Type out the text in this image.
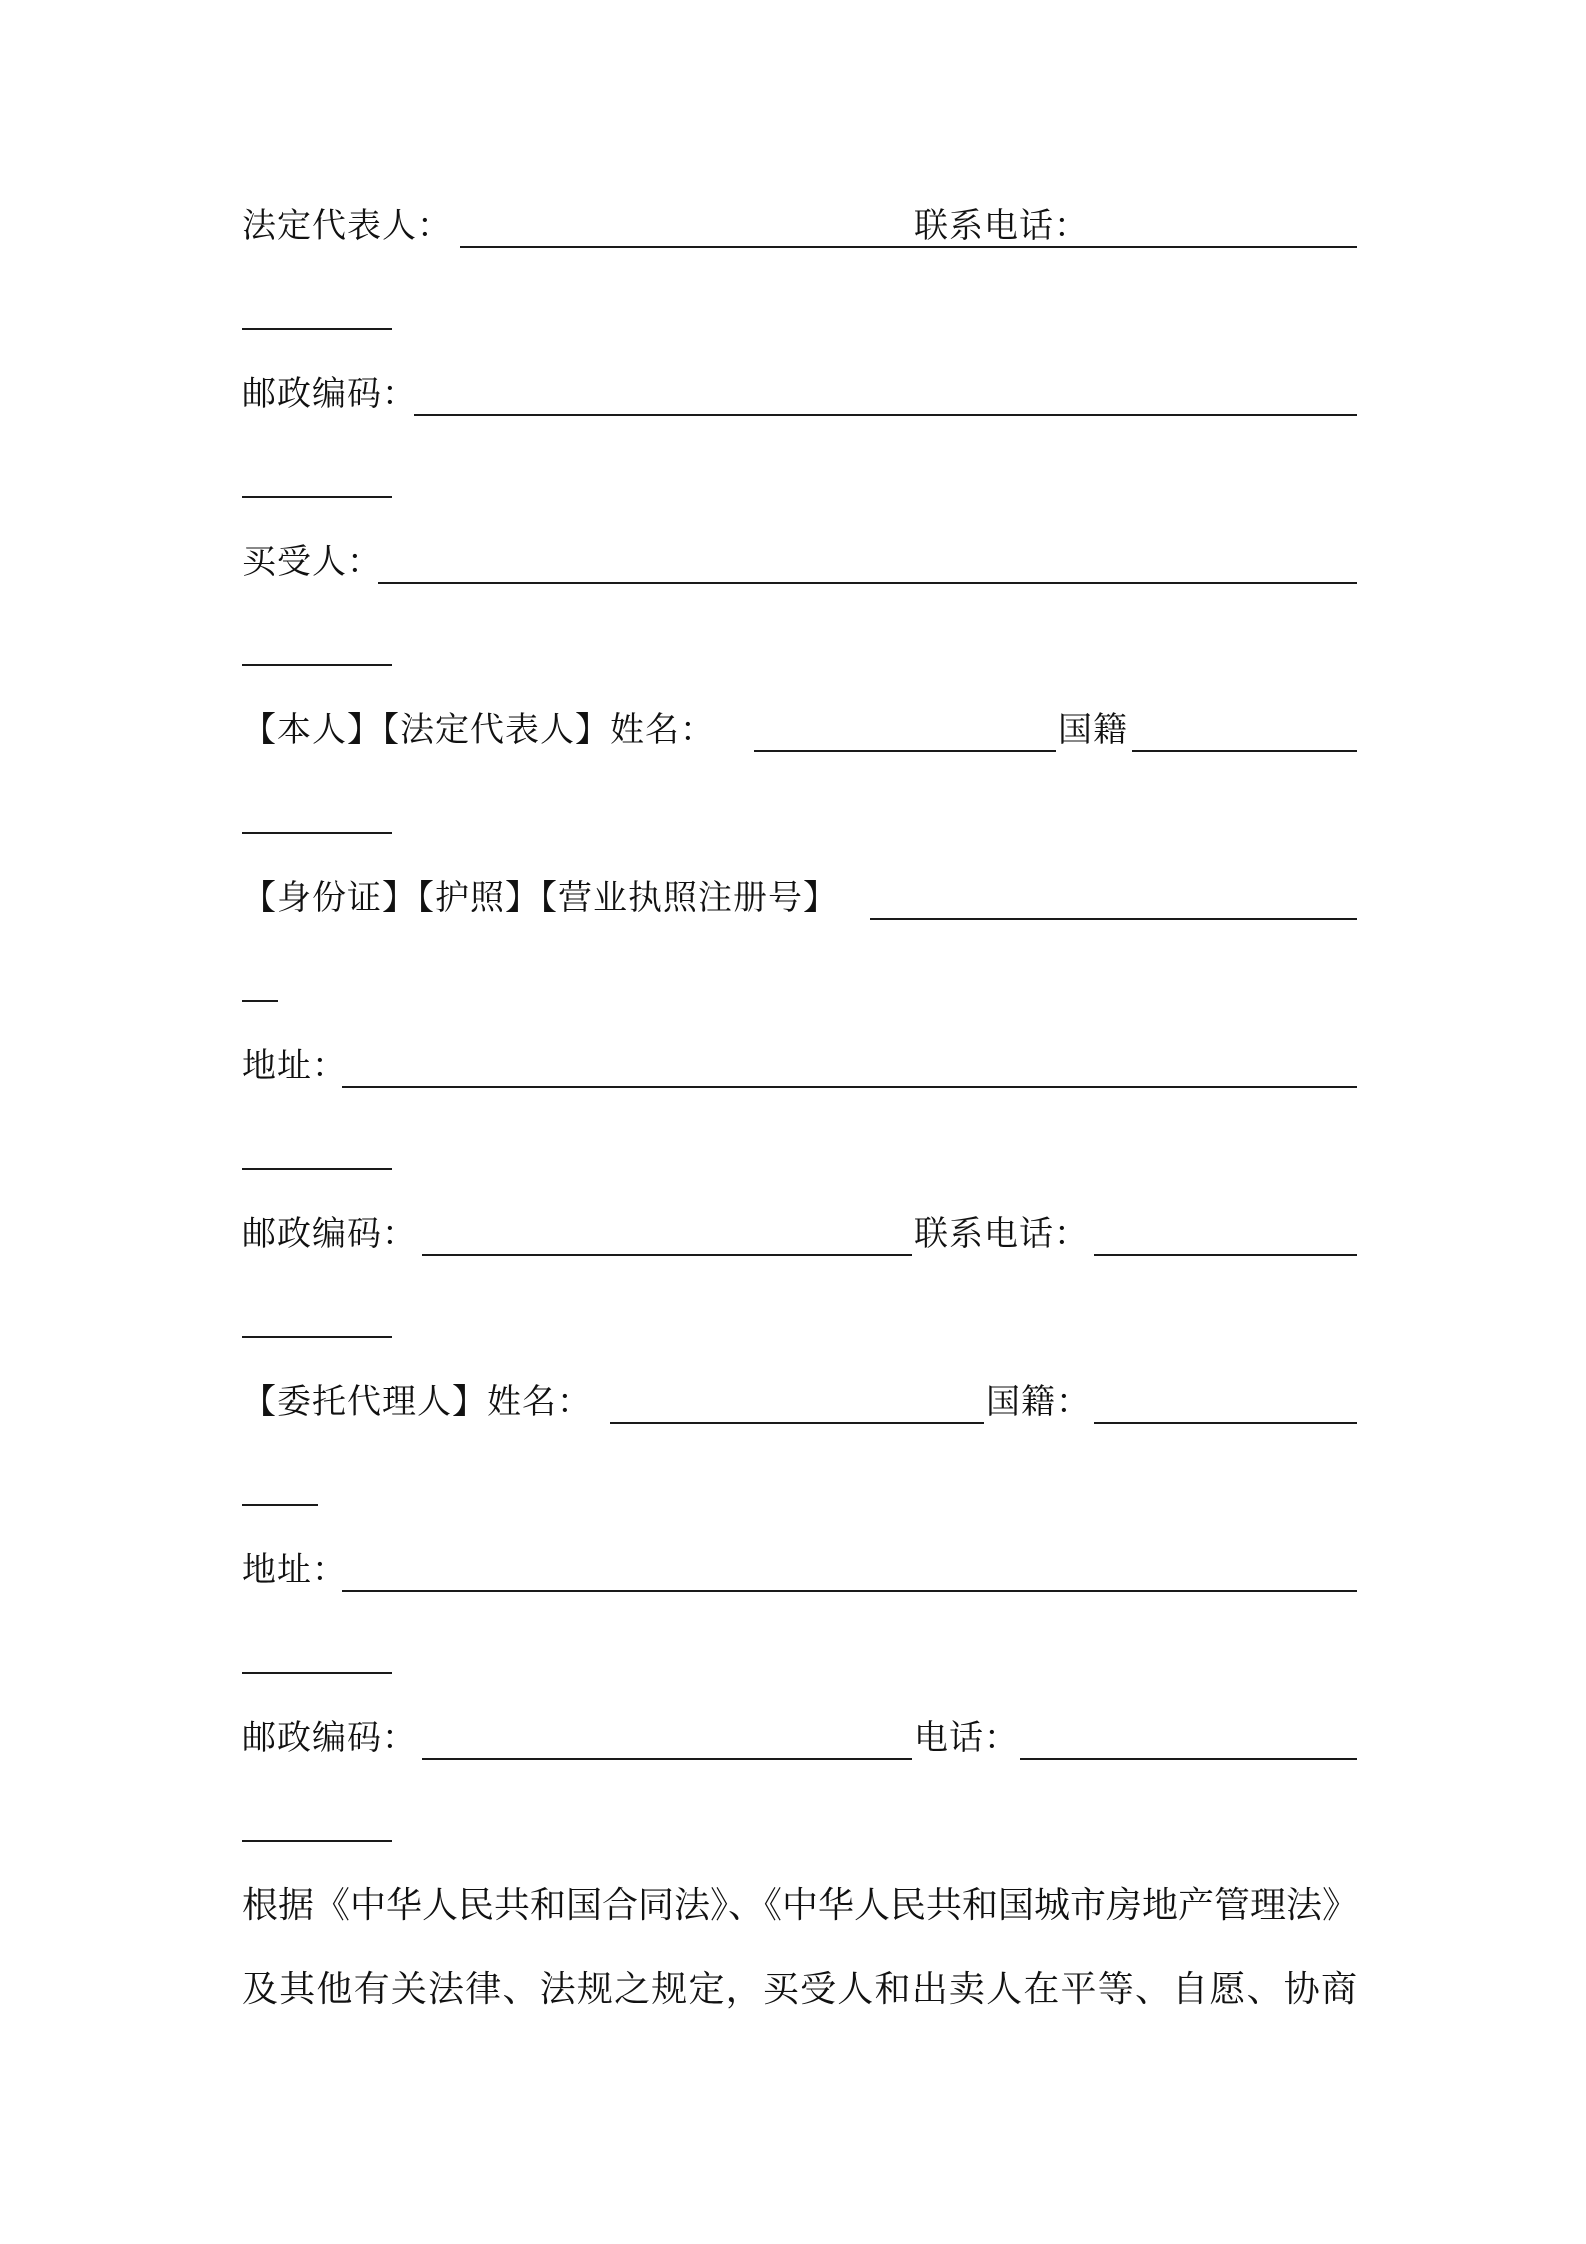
法定代表人：	联系电话：
邮政编码：
买受人：
【本人】【法定代表人】姓名：	国籍
【身份证】【护照】【营业执照注册号】
地址：
邮政编码：	联系电话：
【委托代理人】姓名：	国籍：
地址：
邮政编码：	电话：
根据《中华人民共和国合同法》、《中华人民共和国城市房地产管理法》
及其他有关法律、法规之规定，买受人和出卖人在平等、自愿、协商
